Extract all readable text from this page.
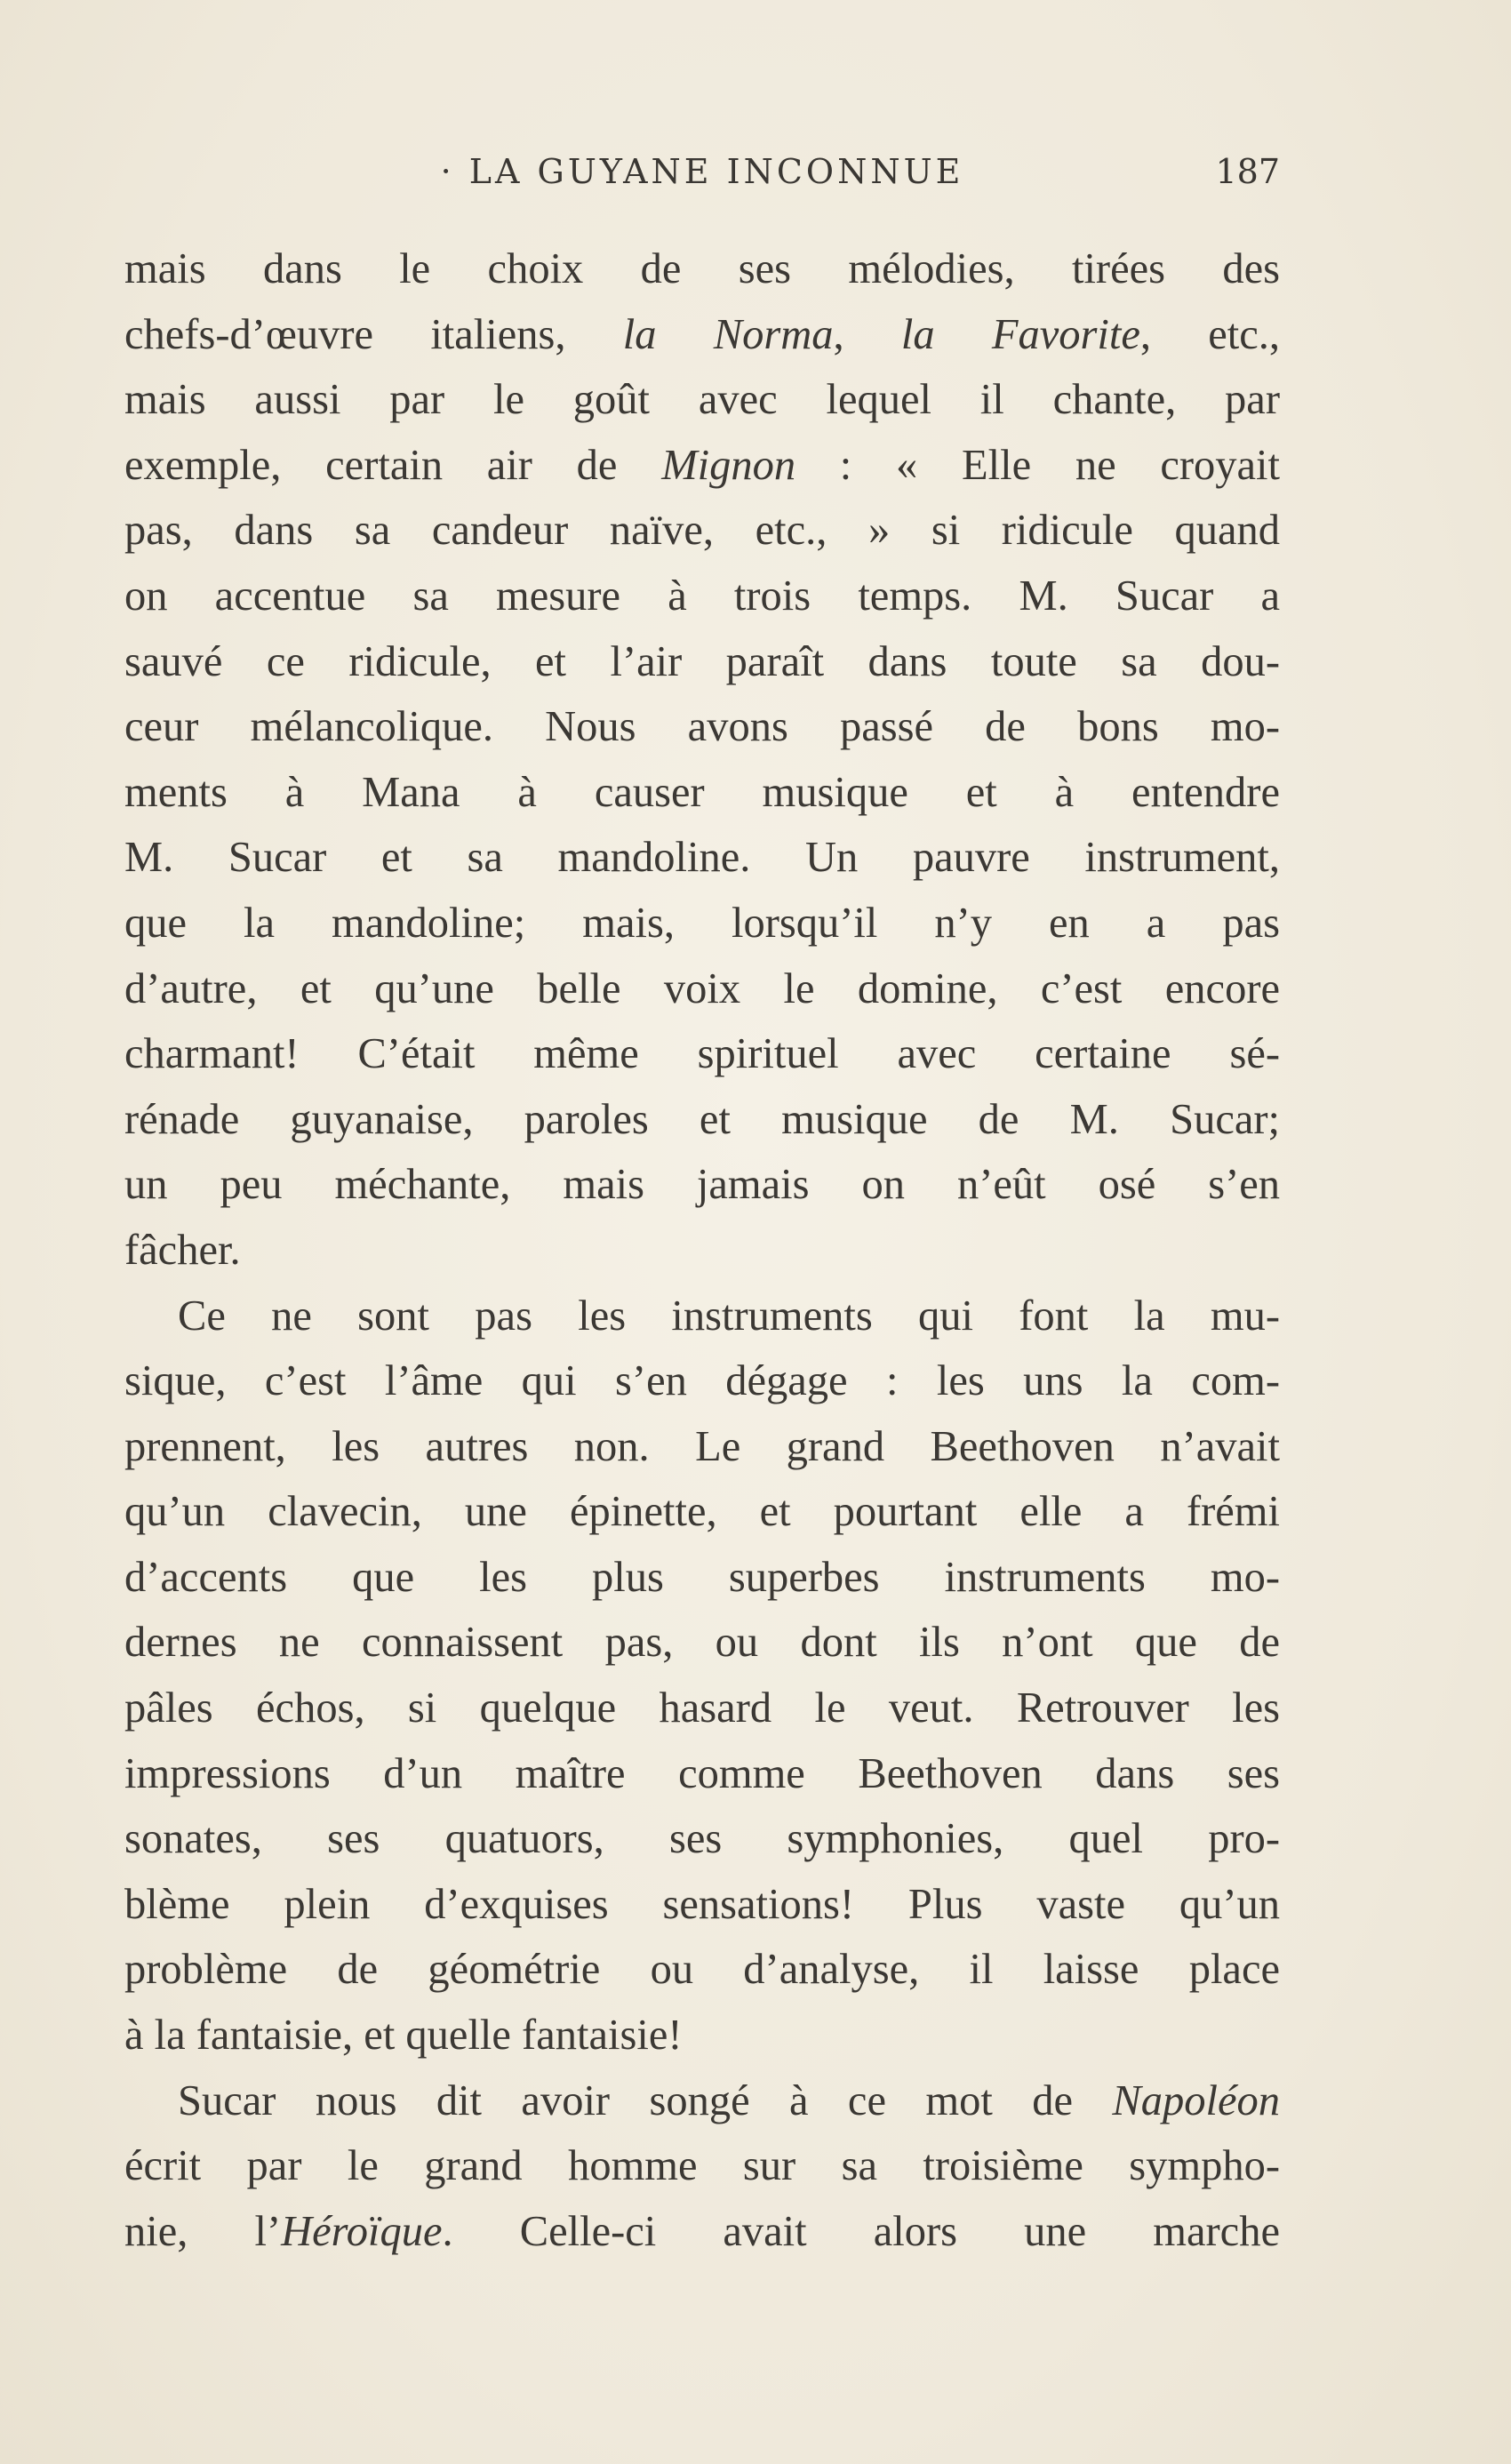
· LA GUYANE INCONNUE	187
mais dans le choix de ses mélodies, tirées des
chefs-d’œuvre italiens, la Norma, la Favorite, etc.,
mais aussi par le goût avec lequel il chante, par
exemple, certain air de Mignon : « Elle ne croyait
pas, dans sa candeur naïve, etc., » si ridicule quand
on accentue sa mesure à trois temps. M. Sucar a
sauvé ce ridicule, et l’air paraît dans toute sa dou-
ceur mélancolique. Nous avons passé de bons mo-
ments à Mana à causer musique et à entendre
M. Sucar et sa mandoline. Un pauvre instrument,
que la mandoline; mais, lorsqu’il n’y en a pas
d’autre, et qu’une belle voix le domine, c’est encore
charmant! C’était même spirituel avec certaine sé-
rénade guyanaise, paroles et musique de M. Sucar;
un peu méchante, mais jamais on n’eût osé s’en
fâcher.
Ce ne sont pas les instruments qui font la mu-
sique, c’est l’âme qui s’en dégage : les uns la com-
prennent, les autres non. Le grand Beethoven n’avait
qu’un clavecin, une épinette, et pourtant elle a frémi
d’accents que les plus superbes instruments mo-
dernes ne connaissent pas, ou dont ils n’ont que de
pâles échos, si quelque hasard le veut. Retrouver les
impressions d’un maître comme Beethoven dans ses
sonates, ses quatuors, ses symphonies, quel pro-
blème plein d’exquises sensations! Plus vaste qu’un
problème de géométrie ou d’analyse, il laisse place
à la fantaisie, et quelle fantaisie!
Sucar nous dit avoir songé à ce mot de Napoléon
écrit par le grand homme sur sa troisième sympho-
nie, l’Héroïque. Celle-ci avait alors une marche
